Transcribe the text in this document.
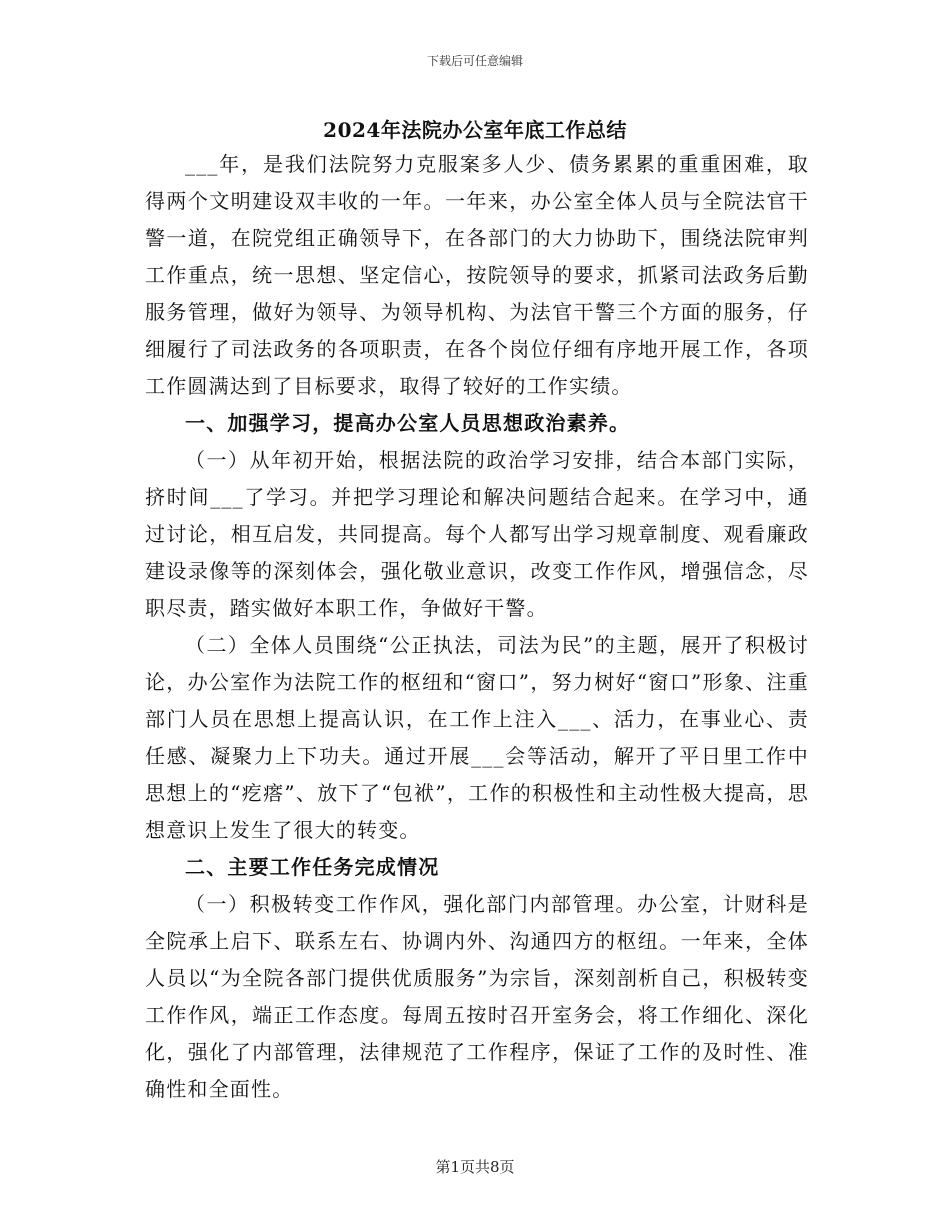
下载后可任意编辑
2024年法院办公室年底工作总结

___年，是我们法院努力克服案多人少、债务累累的重重困难，取得两个文明建设双丰收的一年。一年来，办公室全体人员与全院法官干警一道，在院党组正确领导下，在各部门的大力协助下，围绕法院审判工作重点，统一思想、坚定信心，按院领导的要求，抓紧司法政务后勤服务管理，做好为领导、为领导机构、为法官干警三个方面的服务，仔细履行了司法政务的各项职责，在各个岗位仔细有序地开展工作，各项工作圆满达到了目标要求，取得了较好的工作实绩。

一、加强学习，提高办公室人员思想政治素养。

（一）从年初开始，根据法院的政治学习安排，结合本部门实际，挤时间___了学习。并把学习理论和解决问题结合起来。在学习中，通过讨论，相互启发，共同提高。每个人都写出学习规章制度、观看廉政建设录像等的深刻体会，强化敬业意识，改变工作作风，增强信念，尽职尽责，踏实做好本职工作，争做好干警。

（二）全体人员围绕“公正执法，司法为民”的主题，展开了积极讨论，办公室作为法院工作的枢纽和“窗口”，努力树好“窗口”形象、注重部门人员在思想上提高认识，在工作上注入___、活力，在事业心、责任感、凝聚力上下功夫。通过开展___会等活动，解开了平日里工作中思想上的“疙瘩”、放下了“包袱”，工作的积极性和主动性极大提高，思想意识上发生了很大的转变。

二、主要工作任务完成情况

（一）积极转变工作作风，强化部门内部管理。办公室，计财科是全院承上启下、联系左右、协调内外、沟通四方的枢纽。一年来，全体人员以“为全院各部门提供优质服务”为宗旨，深刻剖析自己，积极转变工作作风，端正工作态度。每周五按时召开室务会，将工作细化、深化化，强化了内部管理，法律规范了工作程序，保证了工作的及时性、准确性和全面性。

第1页共8页
